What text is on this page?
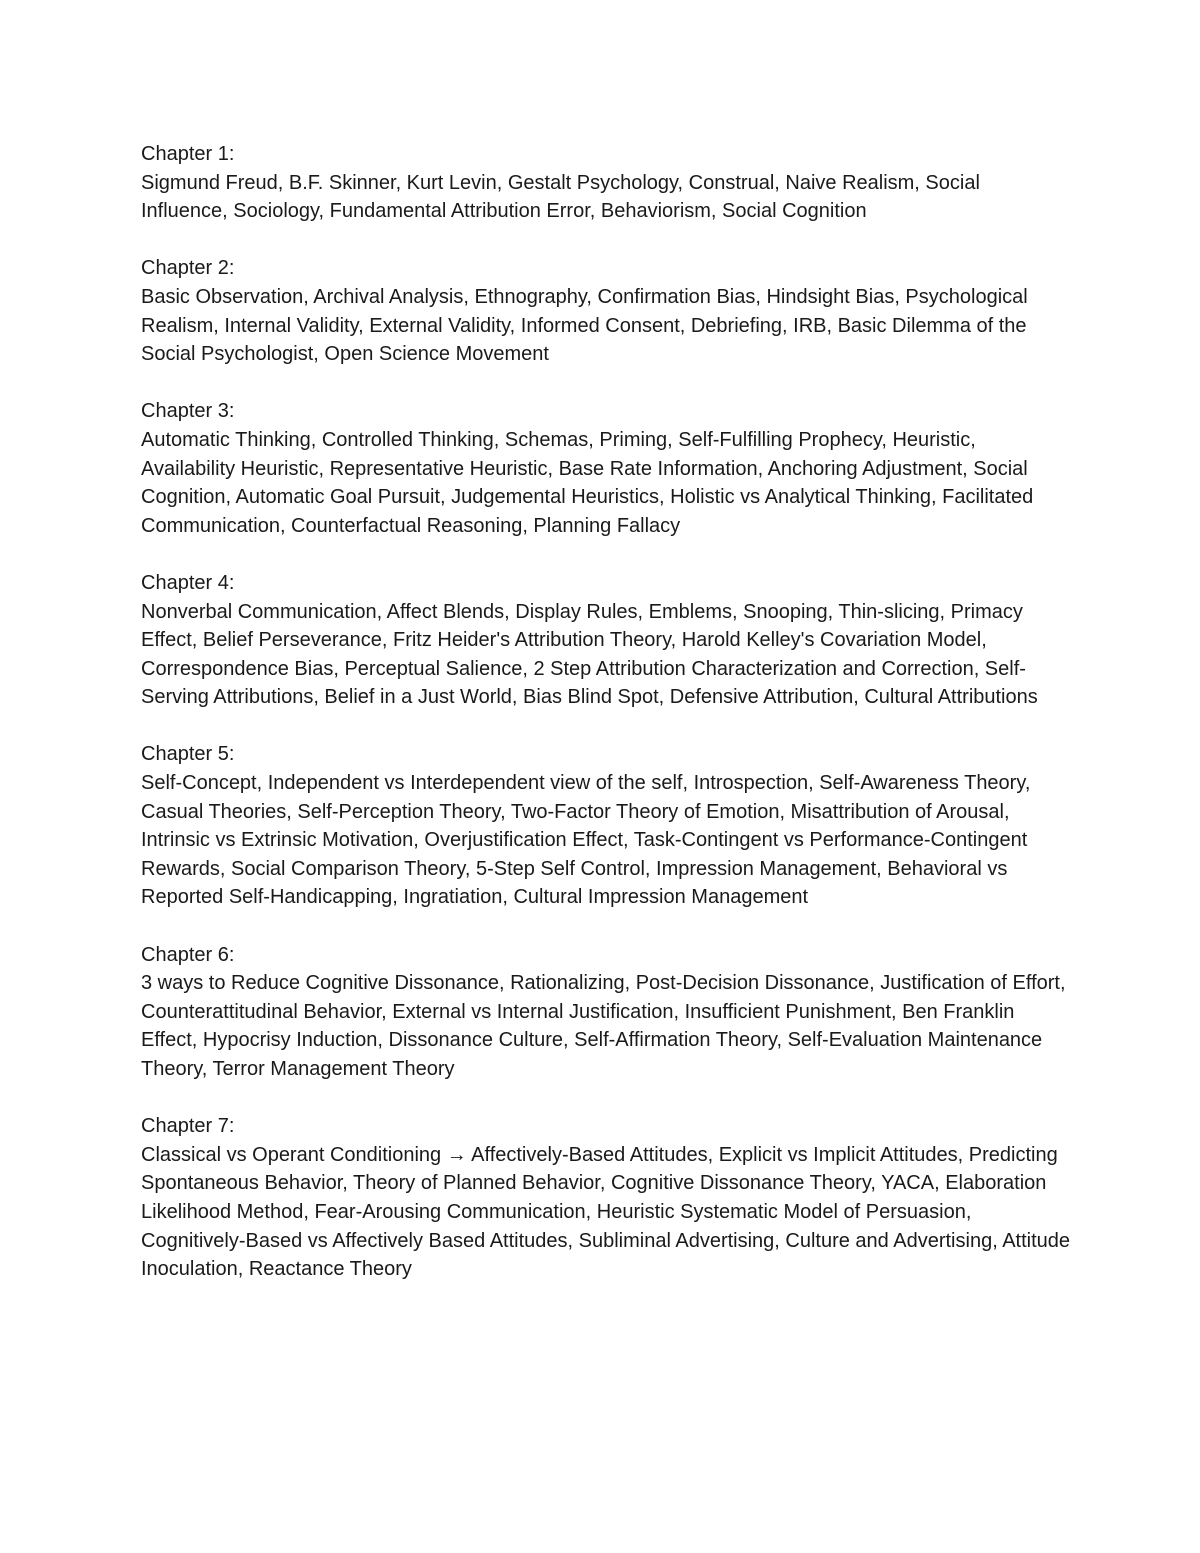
Chapter 1:

Sigmund Freud, B.F. Skinner, Kurt Levin, Gestalt Psychology, Construal, Naive Realism, Social Influence, Sociology, Fundamental Attribution Error, Behaviorism, Social Cognition

Chapter 2:

Basic Observation, Archival Analysis, Ethnography, Confirmation Bias, Hindsight Bias, Psychological Realism, Internal Validity, External Validity, Informed Consent, Debriefing, IRB, Basic Dilemma of the Social Psychologist, Open Science Movement

Chapter 3:

Automatic Thinking, Controlled Thinking, Schemas, Priming, Self-Fulfilling Prophecy, Heuristic, Availability Heuristic, Representative Heuristic, Base Rate Information, Anchoring Adjustment, Social Cognition, Automatic Goal Pursuit, Judgemental Heuristics, Holistic vs Analytical Thinking, Facilitated Communication, Counterfactual Reasoning, Planning Fallacy

Chapter 4:

Nonverbal Communication, Affect Blends, Display Rules, Emblems, Snooping, Thin-slicing, Primacy Effect, Belief Perseverance, Fritz Heider's Attribution Theory, Harold Kelley's Covariation Model, Correspondence Bias, Perceptual Salience, 2 Step Attribution Characterization and Correction, Self-Serving Attributions, Belief in a Just World, Bias Blind Spot, Defensive Attribution, Cultural Attributions

Chapter 5:

Self-Concept, Independent vs Interdependent view of the self, Introspection, Self-Awareness Theory, Casual Theories, Self-Perception Theory, Two-Factor Theory of Emotion, Misattribution of Arousal, Intrinsic vs Extrinsic Motivation, Overjustification Effect, Task-Contingent vs Performance-Contingent Rewards, Social Comparison Theory, 5-Step Self Control, Impression Management, Behavioral vs Reported Self-Handicapping, Ingratiation, Cultural Impression Management

Chapter 6:

3 ways to Reduce Cognitive Dissonance, Rationalizing, Post-Decision Dissonance, Justification of Effort, Counterattitudinal Behavior, External vs Internal Justification, Insufficient Punishment, Ben Franklin Effect, Hypocrisy Induction, Dissonance Culture, Self-Affirmation Theory, Self-Evaluation Maintenance Theory, Terror Management Theory

Chapter 7:

Classical vs Operant Conditioning → Affectively-Based Attitudes, Explicit vs Implicit Attitudes, Predicting Spontaneous Behavior, Theory of Planned Behavior, Cognitive Dissonance Theory, YACA, Elaboration Likelihood Method, Fear-Arousing Communication, Heuristic Systematic Model of Persuasion, Cognitively-Based vs Affectively Based Attitudes, Subliminal Advertising, Culture and Advertising, Attitude Inoculation, Reactance Theory
